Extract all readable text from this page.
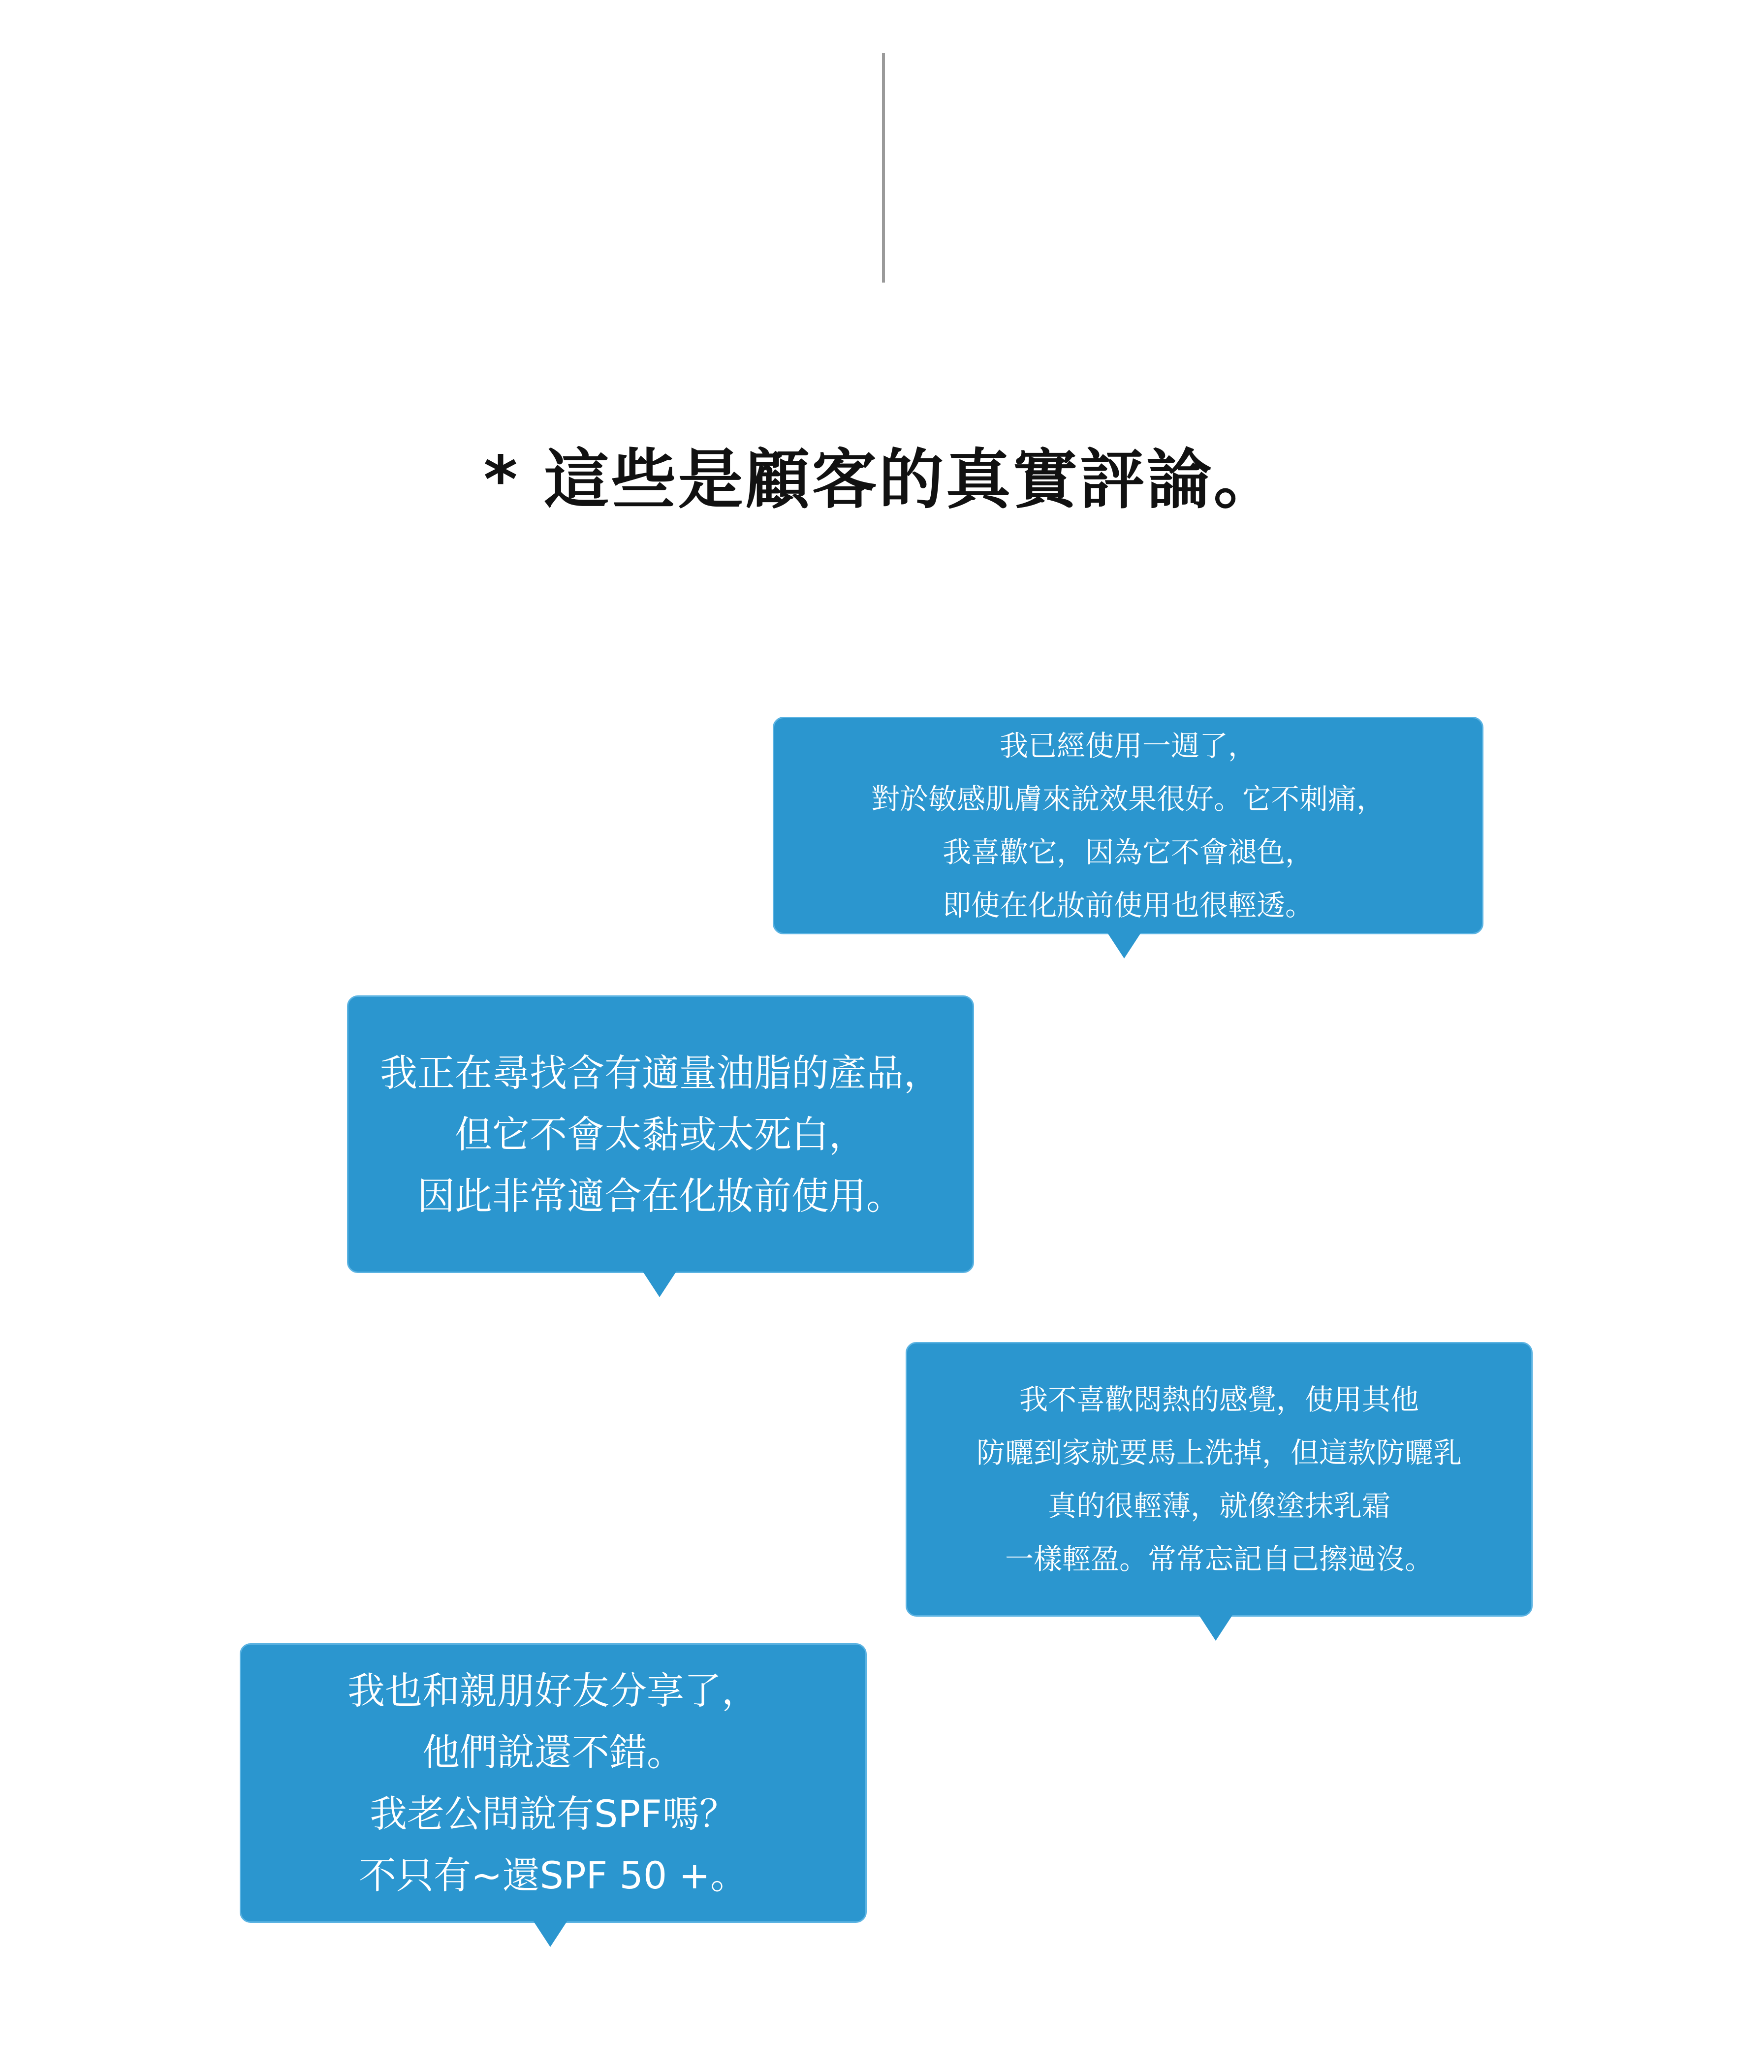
* 這些是顧客的真實評論。
我已經使用一週了，
對於敏感肌膚來說效果很好。它不刺痛，
我喜歡它，因為它不會褪色，
即使在化妝前使用也很輕透。
我正在尋找含有適量油脂的產品，
但它不會太黏或太死白，
因此非常適合在化妝前使用。
我不喜歡悶熱的感覺，使用其他
防曬到家就要馬上洗掉，但這款防曬乳
真的很輕薄，就像塗抹乳霜
一樣輕盈。常常忘記自己擦過沒。
我也和親朋好友分享了，
他們說還不錯。
我老公問說有SPF嗎？
不只有~還SPF 50 +。
